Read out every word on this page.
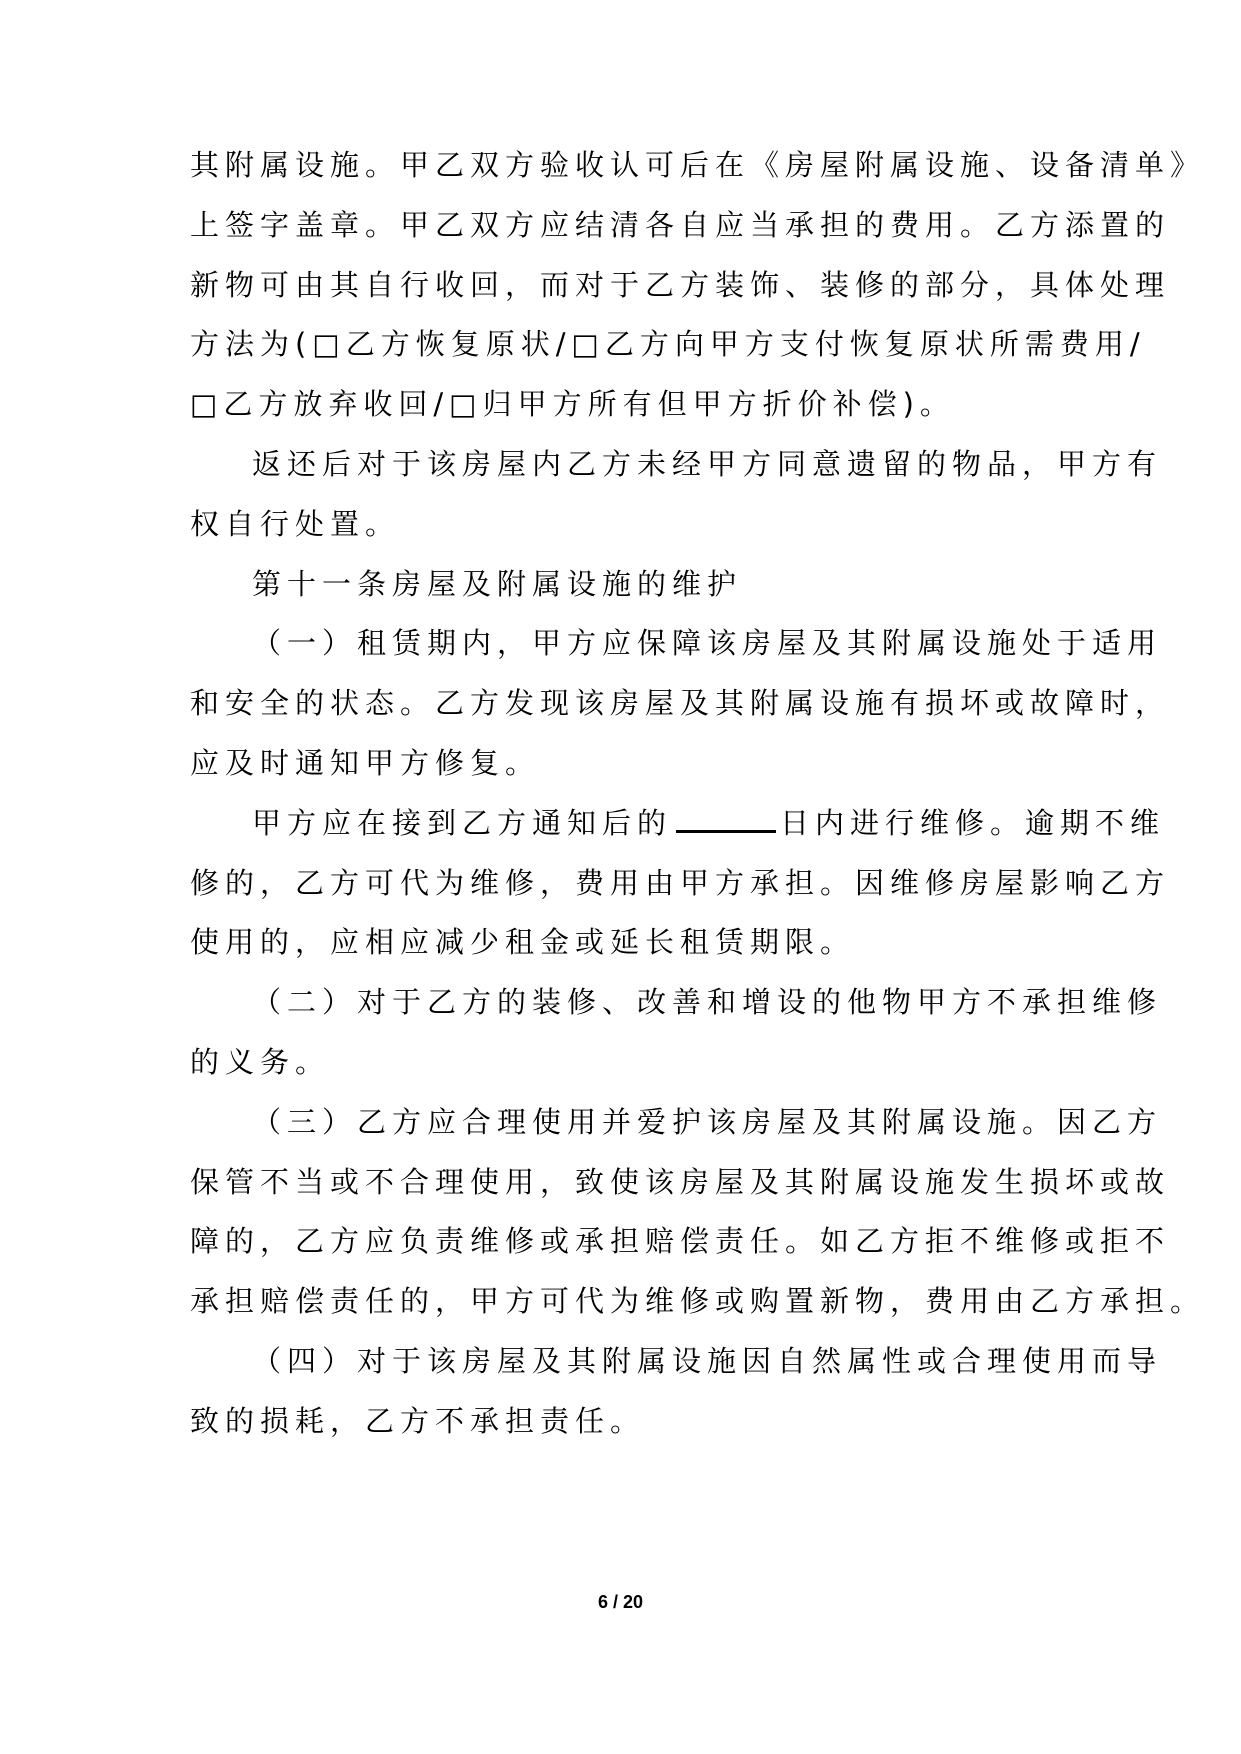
其附属设施。甲乙双方验收认可后在《房屋附属设施、设备清单》
上签字盖章。甲乙双方应结清各自应当承担的费用。乙方添置的
新物可由其自行收回，而对于乙方装饰、装修的部分，具体处理
方法为(□乙方恢复原状/□乙方向甲方支付恢复原状所需费用/
□乙方放弃收回/□归甲方所有但甲方折价补偿)。
返还后对于该房屋内乙方未经甲方同意遗留的物品，甲方有
权自行处置。
第十一条房屋及附属设施的维护
（一）租赁期内，甲方应保障该房屋及其附属设施处于适用
和安全的状态。乙方发现该房屋及其附属设施有损坏或故障时，
应及时通知甲方修复。
甲方应在接到乙方通知后的	日内进行维修。逾期不维
修的，乙方可代为维修，费用由甲方承担。因维修房屋影响乙方
使用的，应相应减少租金或延长租赁期限。
（二）对于乙方的装修、改善和增设的他物甲方不承担维修
的义务。
（三）乙方应合理使用并爱护该房屋及其附属设施。因乙方
保管不当或不合理使用，致使该房屋及其附属设施发生损坏或故
障的，乙方应负责维修或承担赔偿责任。如乙方拒不维修或拒不
承担赔偿责任的，甲方可代为维修或购置新物，费用由乙方承担。
（四）对于该房屋及其附属设施因自然属性或合理使用而导
致的损耗，乙方不承担责任。
6 / 20
